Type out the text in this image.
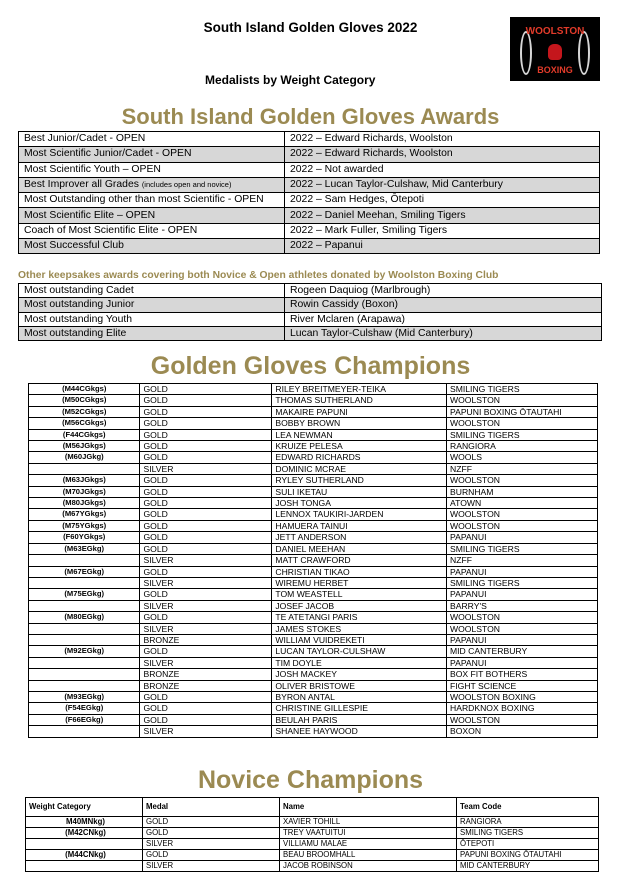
South Island Golden Gloves 2022
Medalists by Weight Category
WOOLSTON
BOXING
South Island Golden Gloves Awards
Best Junior/Cadet - OPEN	2022 – Edward Richards, Woolston
Most Scientific Junior/Cadet - OPEN	2022 – Edward Richards, Woolston
Most Scientific Youth – OPEN	2022 – Not awarded
Best Improver all Grades (includes open and novice)	2022 – Lucan Taylor-Culshaw, Mid Canterbury
Most Outstanding other than most Scientific - OPEN	2022 – Sam Hedges, Ōtepoti
Most Scientific Elite – OPEN	2022 – Daniel Meehan, Smiling Tigers
Coach of Most Scientific Elite - OPEN	2022 – Mark Fuller, Smiling Tigers
Most Successful Club	2022 – Papanui
Other keepsakes awards covering both Novice & Open athletes donated by Woolston Boxing Club
Most outstanding Cadet	Rogeen Daquiog (Marlbrough)
Most outstanding Junior	Rowin Cassidy (Boxon)
Most outstanding Youth	River Mclaren (Arapawa)
Most outstanding Elite	Lucan Taylor-Culshaw (Mid Canterbury)
Golden Gloves Champions
(M44CGkgs)	GOLD	RILEY BREITMEYER-TEIKA	SMILING TIGERS
(M50CGkgs)	GOLD	THOMAS SUTHERLAND	WOOLSTON
(M52CGkgs)	GOLD	MAKAIRE PAPUNI	PAPUNI BOXING ŌTAUTAHI
(M56CGkgs)	GOLD	BOBBY BROWN	WOOLSTON
(F44CGkgs)	GOLD	LEA NEWMAN	SMILING TIGERS
(M56JGkgs)	GOLD	KRUIZE PELESA	RANGIORA
(M60JGkg)	GOLD	EDWARD RICHARDS	WOOLS
	SILVER	DOMINIC MCRAE	NZFF
(M63JGkgs)	GOLD	RYLEY SUTHERLAND	WOOLSTON
(M70JGkgs)	GOLD	SULI IKETAU	BURNHAM
(M80JGkgs)	GOLD	JOSH TONGA	ATOWN
(M67YGkgs)	GOLD	LENNOX TAUKIRI-JARDEN	WOOLSTON
(M75YGkgs)	GOLD	HAMUERA TAINUI	WOOLSTON
(F60YGkgs)	GOLD	JETT ANDERSON	PAPANUI
(M63EGkg)	GOLD	DANIEL MEEHAN	SMILING TIGERS
	SILVER	MATT CRAWFORD	NZFF
(M67EGkg)	GOLD	CHRISTIAN TIKAO	PAPANUI
	SILVER	WIREMU HERBET	SMILING TIGERS
(M75EGkg)	GOLD	TOM WEASTELL	PAPANUI
	SILVER	JOSEF JACOB	BARRY'S
(M80EGkg)	GOLD	TE ATETANGI PARIS	WOOLSTON
	SILVER	JAMES STOKES	WOOLSTON
	BRONZE	WILLIAM VUIDREKETI	PAPANUI
(M92EGkg)	GOLD	LUCAN TAYLOR-CULSHAW	MID CANTERBURY
	SILVER	TIM DOYLE	PAPANUI
	BRONZE	JOSH MACKEY	BOX FIT BOTHERS
	BRONZE	OLIVER BRISTOWE	FIGHT SCIENCE
(M93EGkg)	GOLD	BYRON ANTAL	WOOLSTON BOXING
(F54EGkg)	GOLD	CHRISTINE GILLESPIE	HARDKNOX BOXING
(F66EGkg)	GOLD	BEULAH PARIS	WOOLSTON
	SILVER	SHANEE HAYWOOD	BOXON
Novice Champions
Weight Category	Medal	Name	Team Code
M40MNkg)	GOLD	XAVIER TOHILL	RANGIORA
(M42CNkg)	GOLD	TREY VAATUITUI	SMILING TIGERS
	SILVER	VILLIAMU MALAE	ŌTEPOTI
(M44CNkg)	GOLD	BEAU BROOMHALL	PAPUNI BOXING ŌTAUTAHI
	SILVER	JACOB ROBINSON	MID CANTERBURY
